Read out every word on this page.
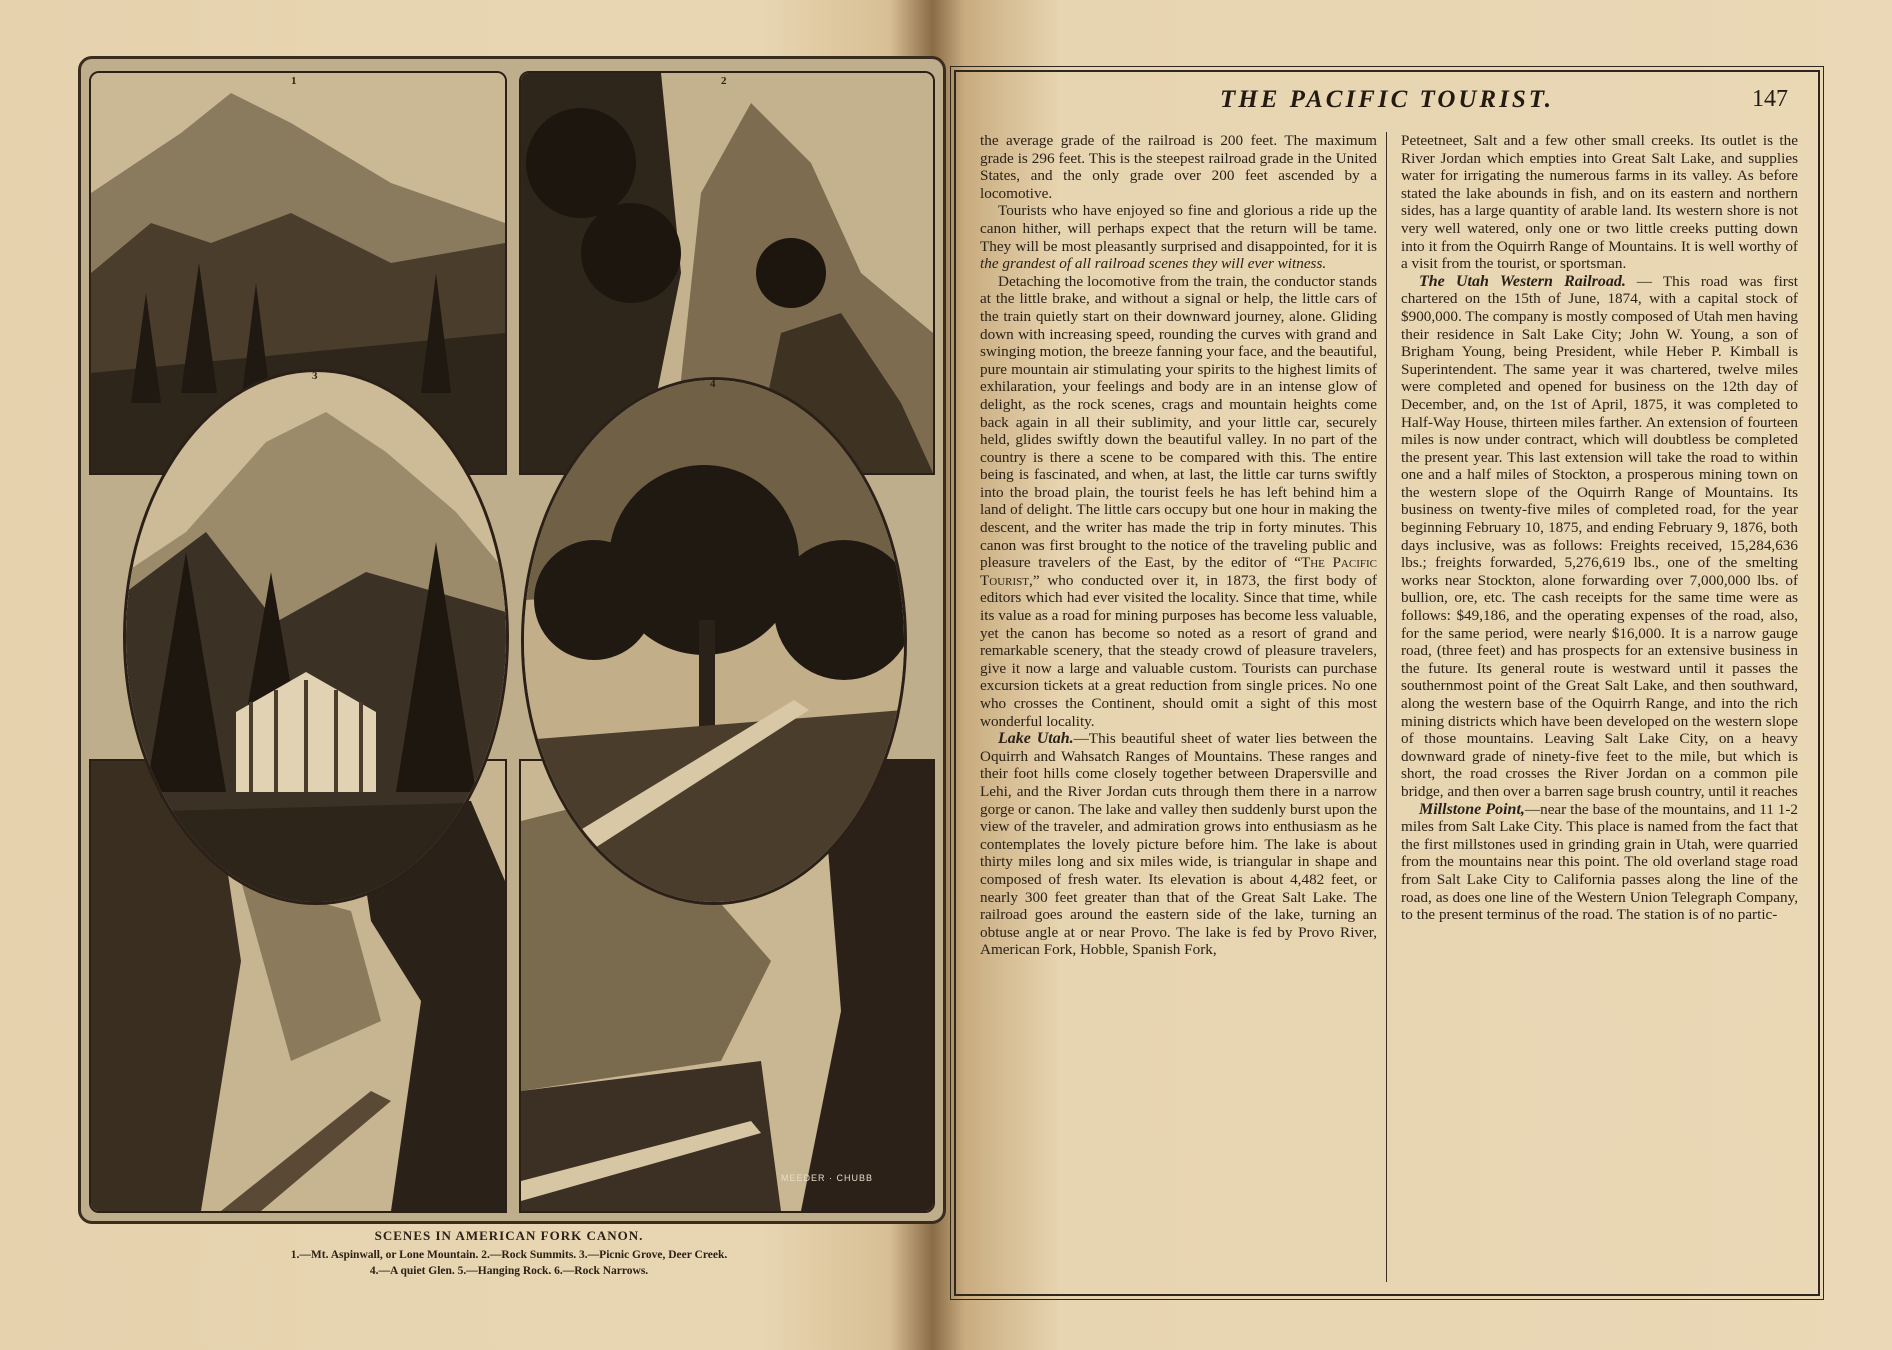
1	2
MEEDER · CHUBB
3
4
SCENES IN AMERICAN FORK CANON.
1.—Mt. Aspinwall, or Lone Mountain. 2.—Rock Summits. 3.—Picnic Grove, Deer Creek.
4.—A quiet Glen. 5.—Hanging Rock. 6.—Rock Narrows.
THE PACIFIC TOURIST.	147

the average grade of the railroad is 200 feet. The maximum grade is 296 feet. This is the steepest railroad grade in the United States, and the only grade over 200 feet ascended by a locomotive.

Tourists who have enjoyed so fine and glorious a ride up the canon hither, will perhaps expect that the return will be tame. They will be most pleasantly surprised and disappointed, for it is the grandest of all railroad scenes they will ever witness.

Detaching the locomotive from the train, the conductor stands at the little brake, and without a signal or help, the little cars of the train quietly start on their downward journey, alone. Gliding down with increasing speed, rounding the curves with grand and swinging motion, the breeze fanning your face, and the beautiful, pure mountain air stimulating your spirits to the highest limits of exhilaration, your feelings and body are in an intense glow of delight, as the rock scenes, crags and mountain heights come back again in all their sublimity, and your little car, securely held, glides swiftly down the beautiful valley. In no part of the country is there a scene to be compared with this. The entire being is fascinated, and when, at last, the little car turns swiftly into the broad plain, the tourist feels he has left behind him a land of delight. The little cars occupy but one hour in making the descent, and the writer has made the trip in forty minutes. This canon was first brought to the notice of the traveling public and pleasure travelers of the East, by the editor of “The Pacific Tourist,” who conducted over it, in 1873, the first body of editors which had ever visited the locality. Since that time, while its value as a road for mining purposes has become less valuable, yet the canon has become so noted as a resort of grand and remarkable scenery, that the steady crowd of pleasure travelers, give it now a large and valuable custom. Tourists can purchase excursion tickets at a great reduction from single prices. No one who crosses the Continent, should omit a sight of this most wonderful locality.

Lake Utah.—This beautiful sheet of water lies between the Oquirrh and Wahsatch Ranges of Mountains. These ranges and their foot hills come closely together between Drapersville and Lehi, and the River Jordan cuts through them there in a narrow gorge or canon. The lake and valley then suddenly burst upon the view of the traveler, and admiration grows into enthusiasm as he contemplates the lovely picture before him. The lake is about thirty miles long and six miles wide, is triangular in shape and composed of fresh water. Its elevation is about 4,482 feet, or nearly 300 feet greater than that of the Great Salt Lake. The railroad goes around the eastern side of the lake, turning an obtuse angle at or near Provo. The lake is fed by Provo River, American Fork, Hobble, Spanish Fork,

Peteetneet, Salt and a few other small creeks. Its outlet is the River Jordan which empties into Great Salt Lake, and supplies water for irrigating the numerous farms in its valley. As before stated the lake abounds in fish, and on its eastern and northern sides, has a large quantity of arable land. Its western shore is not very well watered, only one or two little creeks putting down into it from the Oquirrh Range of Mountains. It is well worthy of a visit from the tourist, or sportsman.

The Utah Western Railroad. — This road was first chartered on the 15th of June, 1874, with a capital stock of $900,000. The company is mostly composed of Utah men having their residence in Salt Lake City; John W. Young, a son of Brigham Young, being President, while Heber P. Kimball is Superintendent. The same year it was chartered, twelve miles were completed and opened for business on the 12th day of December, and, on the 1st of April, 1875, it was completed to Half-Way House, thirteen miles farther. An extension of fourteen miles is now under contract, which will doubtless be completed the present year. This last extension will take the road to within one and a half miles of Stockton, a prosperous mining town on the western slope of the Oquirrh Range of Mountains. Its business on twenty-five miles of completed road, for the year beginning February 10, 1875, and ending February 9, 1876, both days inclusive, was as follows: Freights received, 15,284,636 lbs.; freights forwarded, 5,276,619 lbs., one of the smelting works near Stockton, alone forwarding over 7,000,000 lbs. of bullion, ore, etc. The cash receipts for the same time were as follows: $49,186, and the operating expenses of the road, also, for the same period, were nearly $16,000. It is a narrow gauge road, (three feet) and has prospects for an extensive business in the future. Its general route is westward until it passes the southernmost point of the Great Salt Lake, and then southward, along the western base of the Oquirrh Range, and into the rich mining districts which have been developed on the western slope of those mountains. Leaving Salt Lake City, on a heavy downward grade of ninety-five feet to the mile, but which is short, the road crosses the River Jordan on a common pile bridge, and then over a barren sage brush country, until it reaches

Millstone Point,—near the base of the mountains, and 11 1-2 miles from Salt Lake City. This place is named from the fact that the first millstones used in grinding grain in Utah, were quarried from the mountains near this point. The old overland stage road from Salt Lake City to California passes along the line of the road, as does one line of the Western Union Telegraph Company, to the present terminus of the road. The station is of no partic-
